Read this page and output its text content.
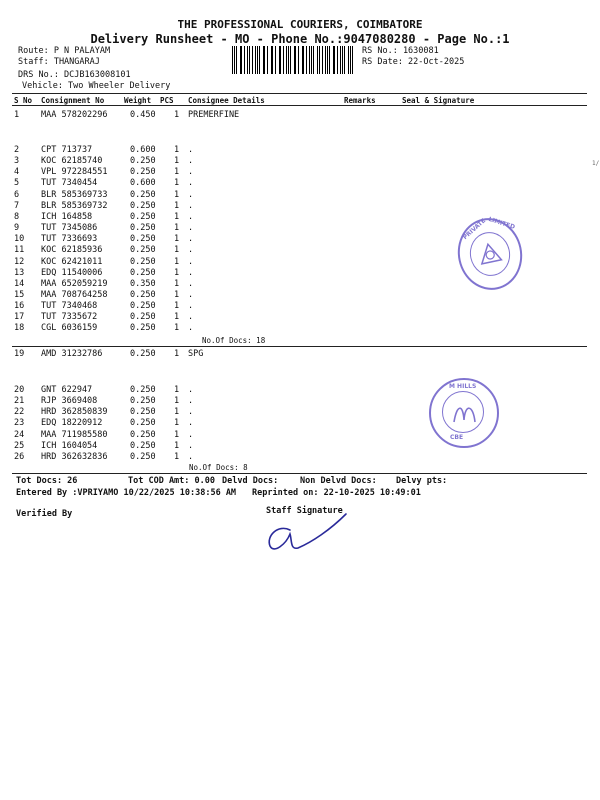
THE PROFESSIONAL COURIERS, COIMBATORE
Delivery Runsheet - MO - Phone No.:9047080280 - Page No.:1
Route: P N PALAYAM
Staff: THANGARAJ
DRS No.: DCJB163008101
Vehicle: Two Wheeler Delivery
RS No.: 1630081
RS Date: 22-Oct-2025
S No Consignment No	Weight PCS Consignee Details	Remarks	Seal & Signature
1	MAA 578202296	0.450 1 PREMERFINE
2	CPT 713737	0.600 1 .
3	KOC 62185740	0.250 1 .
4	VPL 972284551	0.250 1 .
5	TUT 7340454	0.600 1 .
6	BLR 585369733	0.250 1 .
7	BLR 585369732	0.250 1 .
8	ICH 164858	0.250 1 .
9	TUT 7345086	0.250 1 .
10 TUT 7336693	0.250 1 .
11 KOC 62185936	0.250 1 .
12 KOC 62421011	0.250 1 .
13 EDQ 11540006	0.250 1 .
14 MAA 652059219	0.350 1 .
15 MAA 708764258	0.250 1 .
16 TUT 7340468	0.250 1 .
17 TUT 7335672	0.250 1 .
18 CGL 6036159	0.250 1 .
No.Of Docs: 18
19 AMD 31232786	0.250 1 SPG
20 GNT 622947	0.250 1 .
21 RJP 3669408	0.250 1 .
22 HRD 362850839	0.250 1 .
23 EDQ 18220912	0.250 1 .
24 MAA 711985580	0.250 1 .
25 ICH 1604054	0.250 1 .
26 HRD 362632836	0.250 1 .
No.Of Docs: 8
PRIVATE LIMITED
M HILLS
CBE
Tot Docs: 26	Tot COD Amt: 0.00 Delvd Docs:	Non Delvd Docs: Delvy pts:
Entered By :VPRIYAMO 10/22/2025 10:38:56 AM Reprinted on: 22-10-2025 10:49:01
Verified By	Staff Signature
1/
